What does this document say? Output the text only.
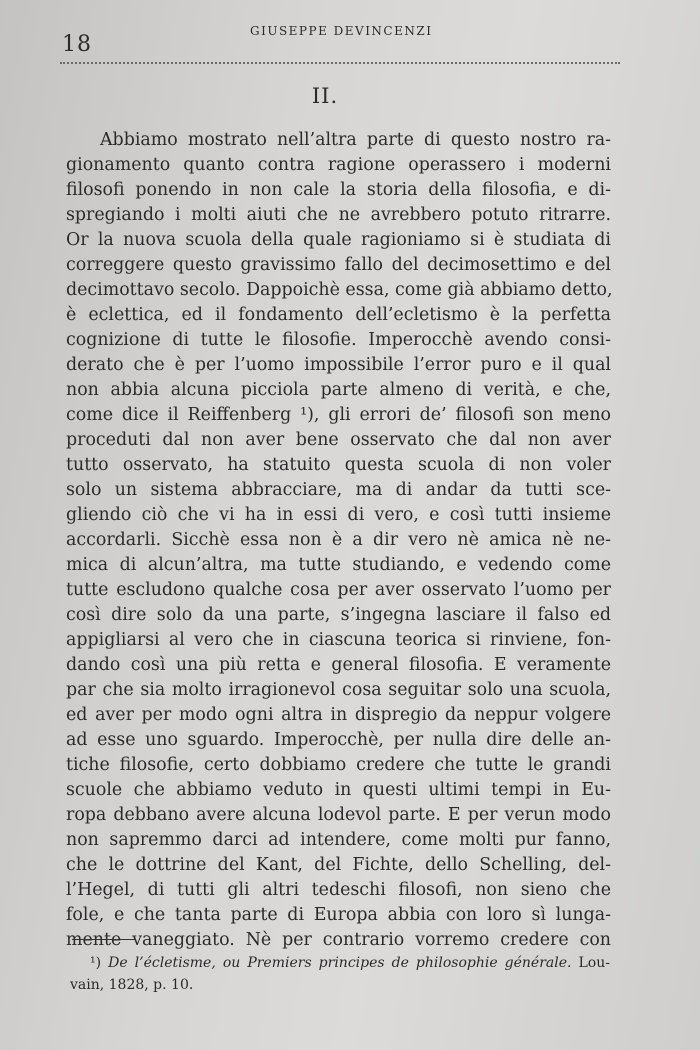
18
GIUSEPPE DEVINCENZI
II.
Abbiamo mostrato nell’altra parte di questo nostro ra-
gionamento quanto contra ragione operassero i moderni
filosofi ponendo in non cale la storia della filosofia, e di-
spregiando i molti aiuti che ne avrebbero potuto ritrarre.
Or la nuova scuola della quale ragioniamo si è studiata di
correggere questo gravissimo fallo del decimosettimo e del
decimottavo secolo. Dappoichè essa, come già abbiamo detto,
è eclettica, ed il fondamento dell’ecletismo è la perfetta
cognizione di tutte le filosofie. Imperocchè avendo consi-
derato che è per l’uomo impossibile l’error puro e il qual
non abbia alcuna picciola parte almeno di verità, e che,
come dice il Reiffenberg ¹), gli errori de’ filosofi son meno
proceduti dal non aver bene osservato che dal non aver
tutto osservato, ha statuito questa scuola di non voler
solo un sistema abbracciare, ma di andar da tutti sce-
gliendo ciò che vi ha in essi di vero, e così tutti insieme
accordarli. Sicchè essa non è a dir vero nè amica nè ne-
mica di alcun’altra, ma tutte studiando, e vedendo come
tutte escludono qualche cosa per aver osservato l’uomo per
così dire solo da una parte, s’ingegna lasciare il falso ed
appigliarsi al vero che in ciascuna teorica si rinviene, fon-
dando così una più retta e general filosofia. E veramente
par che sia molto irragionevol cosa seguitar solo una scuola,
ed aver per modo ogni altra in dispregio da neppur volgere
ad esse uno sguardo. Imperocchè, per nulla dire delle an-
tiche filosofie, certo dobbiamo credere che tutte le grandi
scuole che abbiamo veduto in questi ultimi tempi in Eu-
ropa debbano avere alcuna lodevol parte. E per verun modo
non sapremmo darci ad intendere, come molti pur fanno,
che le dottrine del Kant, del Fichte, dello Schelling, del-
l’Hegel, di tutti gli altri tedeschi filosofi, non sieno che
fole, e che tanta parte di Europa abbia con loro sì lunga-
mente vaneggiato. Nè per contrario vorremo credere con
¹) De l’écletisme, ou Premiers principes de philosophie générale. Lou-
vain, 1828, p. 10.
